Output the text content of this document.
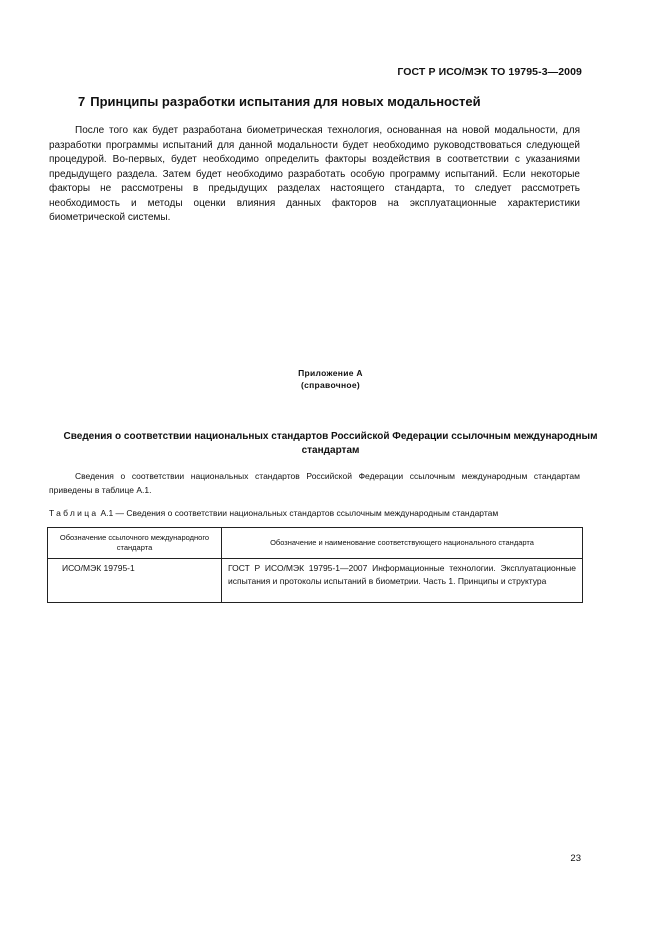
ГОСТ Р ИСО/МЭК ТО 19795-3—2009
7 Принципы разработки испытания для новых модальностей

После того как будет разработана биометрическая технология, основанная на новой модальности, для разработки программы испытаний для данной модальности будет необходимо руководствоваться следующей процедурой. Во-первых, будет необходимо определить факторы воздействия в соответствии с указаниями предыдущего раздела. Затем будет необходимо разработать особую программу испытаний. Если некоторые факторы не рассмотрены в предыдущих разделах настоящего стандарта, то следует рассмотреть необходимость и методы оценки влияния данных факторов на эксплуатационные характеристики биометрической системы.

Приложение А
(справочное)
Сведения о соответствии национальных стандартов Российской Федерации ссылочным международным стандартам

Сведения о соответствии национальных стандартов Российской Федерации ссылочным международным стандартам приведены в таблице А.1.

Таблица А.1 — Сведения о соответствии национальных стандартов ссылочным международным стандартам
Обозначение ссылочного международного стандарта	Обозначение и наименование соответствующего национального стандарта
ИСО/МЭК 19795-1	ГОСТ Р ИСО/МЭК 19795-1—2007 Информационные технологии. Эксплуатационные испытания и протоколы испытаний в биометрии. Часть 1. Принципы и структура
23
